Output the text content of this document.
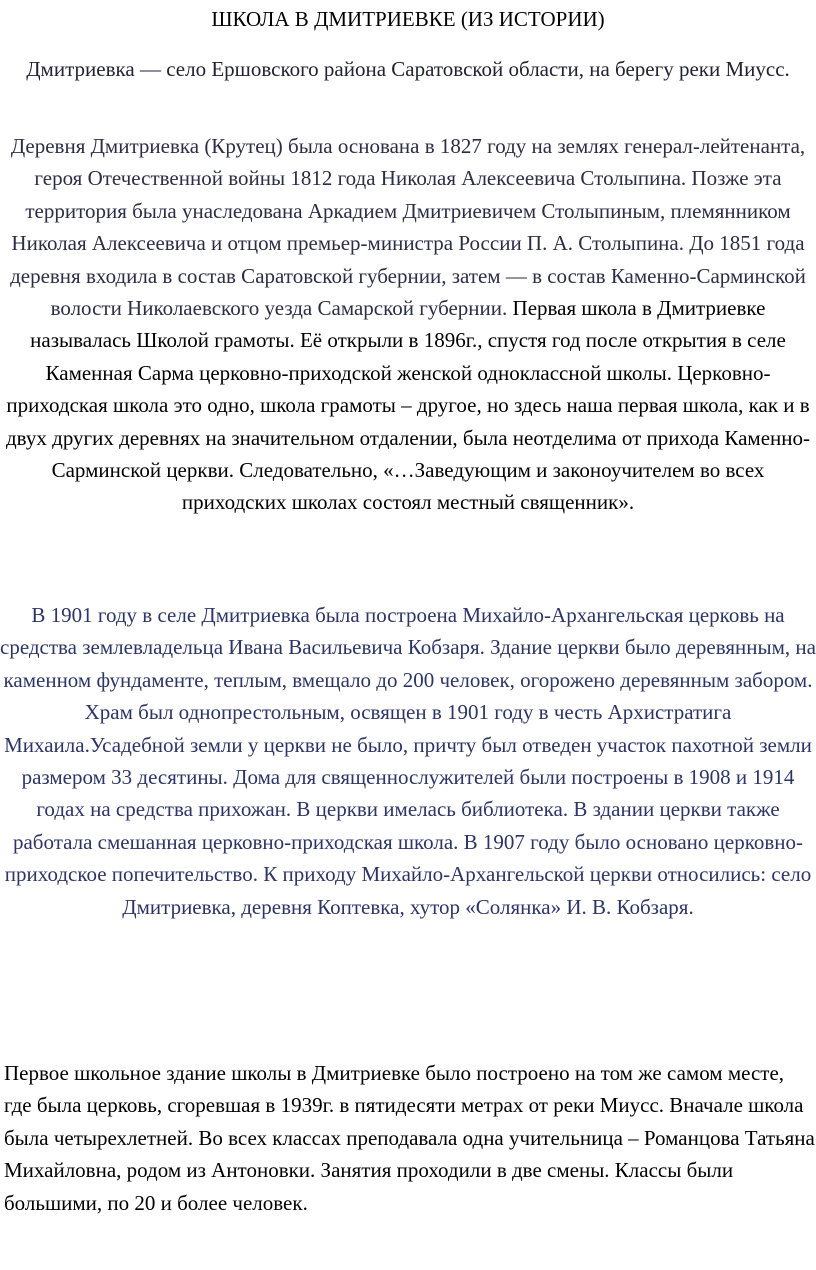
ШКОЛА В ДМИТРИЕВКЕ (ИЗ ИСТОРИИ)

Дмитриевка — село Ершовского района Саратовской области, на берегу реки Миусс.

Деревня Дмитриевка (Крутец) была основана в 1827 году на землях генерал-лейтенанта, героя Отечественной войны 1812 года Николая Алексеевича Столыпина. Позже эта территория была унаследована Аркадием Дмитриевичем Столыпиным, племянником Николая Алексеевича и отцом премьер-министра России П. А. Столыпина. До 1851 года деревня входила в состав Саратовской губернии, затем — в состав Каменно-Сарминской волости Николаевского уезда Самарской губернии. Первая школа в Дмитриевке называлась Школой грамоты. Её открыли в 1896г., спустя год после открытия в селе Каменная Сарма церковно-приходской женской одноклассной школы. Церковно-приходская школа это одно, школа грамоты – другое, но здесь наша первая школа, как и в двух других деревнях на значительном отдалении, была неотделима от прихода Каменно-Сарминской церкви. Следовательно, «…Заведующим и законоучителем во всех приходских школах состоял местный священник».

В 1901 году в селе Дмитриевка была построена Михайло-Архангельская церковь на средства землевладельца Ивана Васильевича Кобзаря. Здание церкви было деревянным, на каменном фундаменте, теплым, вмещало до 200 человек, огорожено деревянным забором. Храм был однопрестольным, освящен в 1901 году в честь Архистратига Михаила.Усадебной земли у церкви не было, причту был отведен участок пахотной земли размером 33 десятины. Дома для священнослужителей были построены в 1908 и 1914 годах на средства прихожан. В церкви имелась библиотека. В здании церкви также работала смешанная церковно-приходская школа. В 1907 году было основано церковно-приходское попечительство. К приходу Михайло-Архангельской церкви относились: село Дмитриевка, деревня Коптевка, хутор «Солянка» И. В. Кобзаря.

Первое школьное здание школы в Дмитриевке было построено на том же самом месте, где была церковь, сгоревшая в 1939г. в пятидесяти метрах от реки Миусс. Вначале школа была четырехлетней. Во всех классах преподавала одна учительница – Романцова Татьяна Михайловна, родом из Антоновки. Занятия проходили в две смены. Классы были большими, по 20 и более человек.
